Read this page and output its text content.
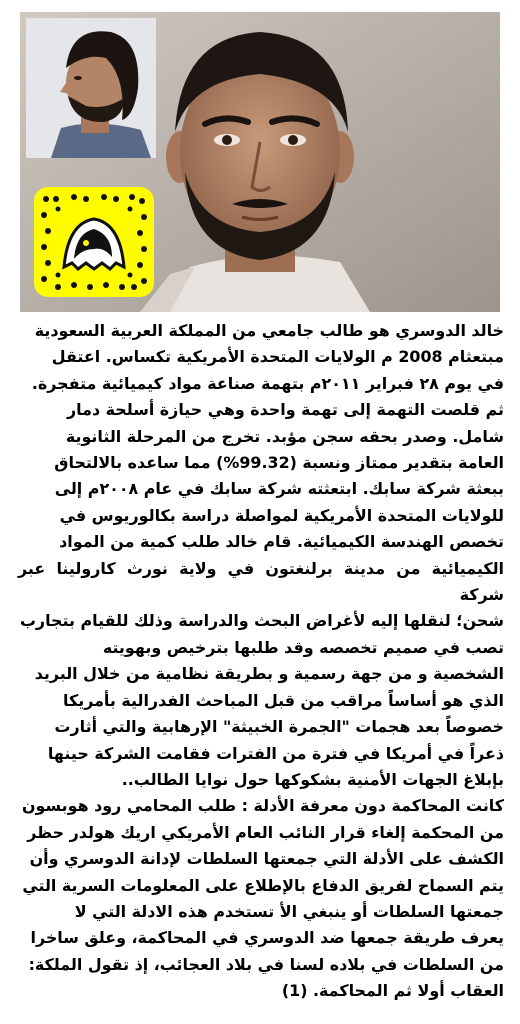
خالد الدوسري هو طالب جامعي من المملكة العربية السعودية
مبتعثام 2008 م الولايات المتحدة الأمريكية تكساس. اعتقل
في يوم ٢٨ فبراير ٢٠١١م بتهمة صناعة مواد كيميائية متفجرة.
ثم قلصت التهمة إلى تهمة واحدة وهي حيازة أسلحة دمار
شامل. وصدر بحقه سجن مؤبد. تخرج من المرحلة الثانوية
العامة بتقدير ممتاز ونسبة (99.32%) مما ساعده بالالتحاق
ببعثة شركة سابك. ابتعثته شركة سابك في عام ٢٠٠٨م إلى
للولايات المتحدة الأمريكية لمواصلة دراسة بكالوريوس في
تخصص الهندسة الكيميائية. قام خالد طلب كمية من المواد
الكيميائية من مدينة برلنغتون في ولاية نورث كارولينا عبر شركة
شحن؛ لنقلها إليه لأغراض البحث والدراسة وذلك للقيام بتجارب
تصب في صميم تخصصه وقد طلبها بترخيص وبهويته
الشخصية و من جهة رسمية و بطريقة نظامية من خلال البريد
الذي هو أساساً مراقب من قبل المباحث الفدرالية بأمريكا
خصوصاً بعد هجمات "الجمرة الخبيثة" الإرهابية والتي أثارت
ذعراً في أمريكا في فترة من الفترات فقامت الشركة حينها
بإبلاغ الجهات الأمنية بشكوكها حول نوايا الطالب..

كانت المحاكمة دون معرفة الأدلة : طلب المحامي رود هوبسون
من المحكمة إلغاء قرار النائب العام الأمريكي اريك هولدر حظر
الكشف على الأدلة التي جمعتها السلطات لإدانة الدوسري وأن
يتم السماح لفريق الدفاع بالإطلاع على المعلومات السرية التي
جمعتها السلطات أو ينبغي الأ تستخدم هذه الادلة التي لا
يعرف طريقة جمعها ضد الدوسري في المحاكمة، وعلق ساخرا
من السلطات في بلاده لسنا في بلاد العجائب، إذ تقول الملكة:
العقاب أولا ثم المحاكمة. (1)
